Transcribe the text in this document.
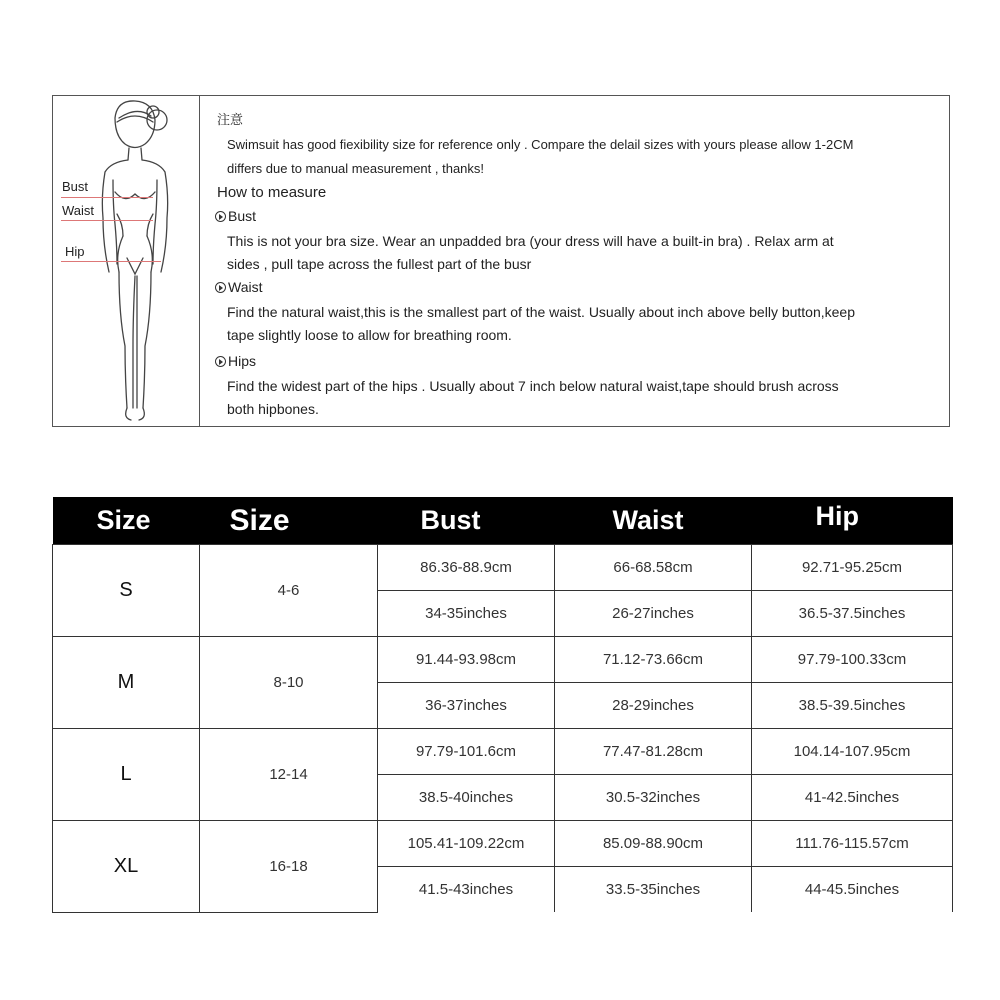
Bust
Waist
Hip
注意
Swimsuit has good fiexibility size for reference only . Compare the delail sizes with yours please allow 1-2CM
differs due to manual measurement , thanks!
How to measure
Bust
This is not your bra size. Wear an unpadded bra (your dress will have a built-in bra) . Relax arm at
sides , pull tape across the fullest part of the busr
Waist
Find the natural waist,this is the smallest part of the waist. Usually about inch above belly button,keep
tape slightly loose to allow for breathing room.
Hips
Find the widest part of the hips . Usually about 7 inch below natural waist,tape should brush across
both hipbones.
Size	Size	Bust	Waist	Hip
S	4-6	86.36-88.9cm	66-68.58cm	92.71-95.25cm
		34-35inches	26-27inches	36.5-37.5inches
M	8-10	91.44-93.98cm	71.12-73.66cm	97.79-100.33cm
		36-37inches	28-29inches	38.5-39.5inches
L	12-14	97.79-101.6cm	77.47-81.28cm	104.14-107.95cm
		38.5-40inches	30.5-32inches	41-42.5inches
XL	16-18	105.41-109.22cm	85.09-88.90cm	111.76-115.57cm
		41.5-43inches	33.5-35inches	44-45.5inches
